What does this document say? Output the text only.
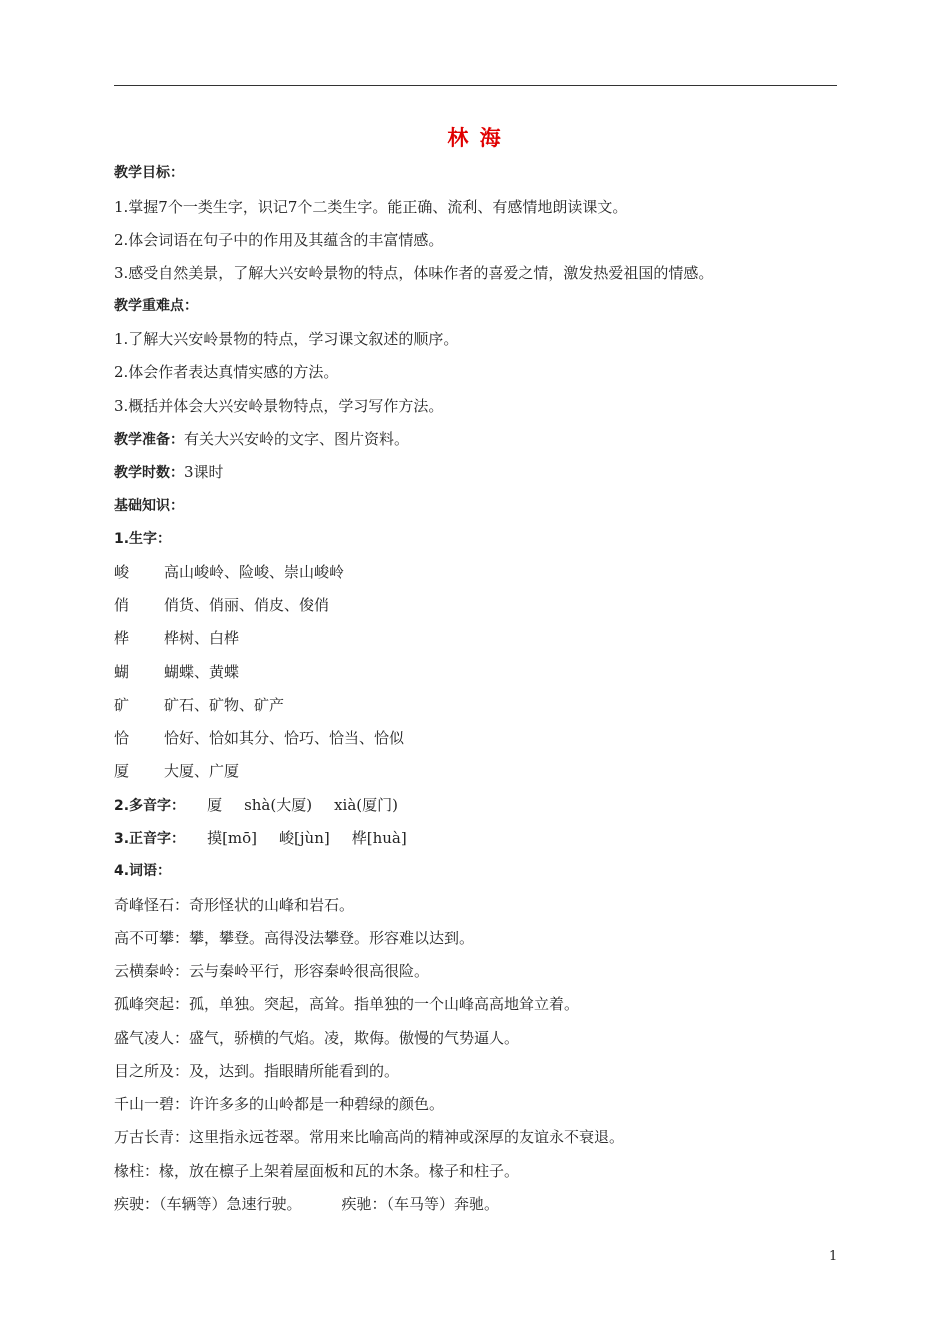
林 海
教学目标：
1.掌握7个一类生字，识记7个二类生字。能正确、流利、有感情地朗读课文。
2.体会词语在句子中的作用及其蕴含的丰富情感。
3.感受自然美景，了解大兴安岭景物的特点，体味作者的喜爱之情，激发热爱祖国的情感。
教学重难点：
1.了解大兴安岭景物的特点，学习课文叙述的顺序。
2.体会作者表达真情实感的方法。
3.概括并体会大兴安岭景物特点，学习写作方法。
教学准备：有关大兴安岭的文字、图片资料。
教学时数：3课时
基础知识：
1.生字：
峻 高山峻岭、险峻、崇山峻岭
俏 俏货、俏丽、俏皮、俊俏
桦 桦树、白桦
蝴 蝴蝶、黄蝶
矿 矿石、矿物、矿产
恰 恰好、恰如其分、恰巧、恰当、恰似
厦 大厦、广厦
2.多音字： 厦 shà(大厦) xià(厦门)
3.正音字： 摸[mō] 峻[jùn] 桦[huà]
4.词语：
奇峰怪石：奇形怪状的山峰和岩石。
高不可攀：攀，攀登。高得没法攀登。形容难以达到。
云横秦岭：云与秦岭平行，形容秦岭很高很险。
孤峰突起：孤，单独。突起，高耸。指单独的一个山峰高高地耸立着。
盛气凌人：盛气，骄横的气焰。凌，欺侮。傲慢的气势逼人。
目之所及：及，达到。指眼睛所能看到的。
千山一碧：许许多多的山岭都是一种碧绿的颜色。
万古长青：这里指永远苍翠。常用来比喻高尚的精神或深厚的友谊永不衰退。
椽柱：椽，放在檩子上架着屋面板和瓦的木条。椽子和柱子。
疾驶：（车辆等）急速行驶。	疾驰：（车马等）奔驰。
1
